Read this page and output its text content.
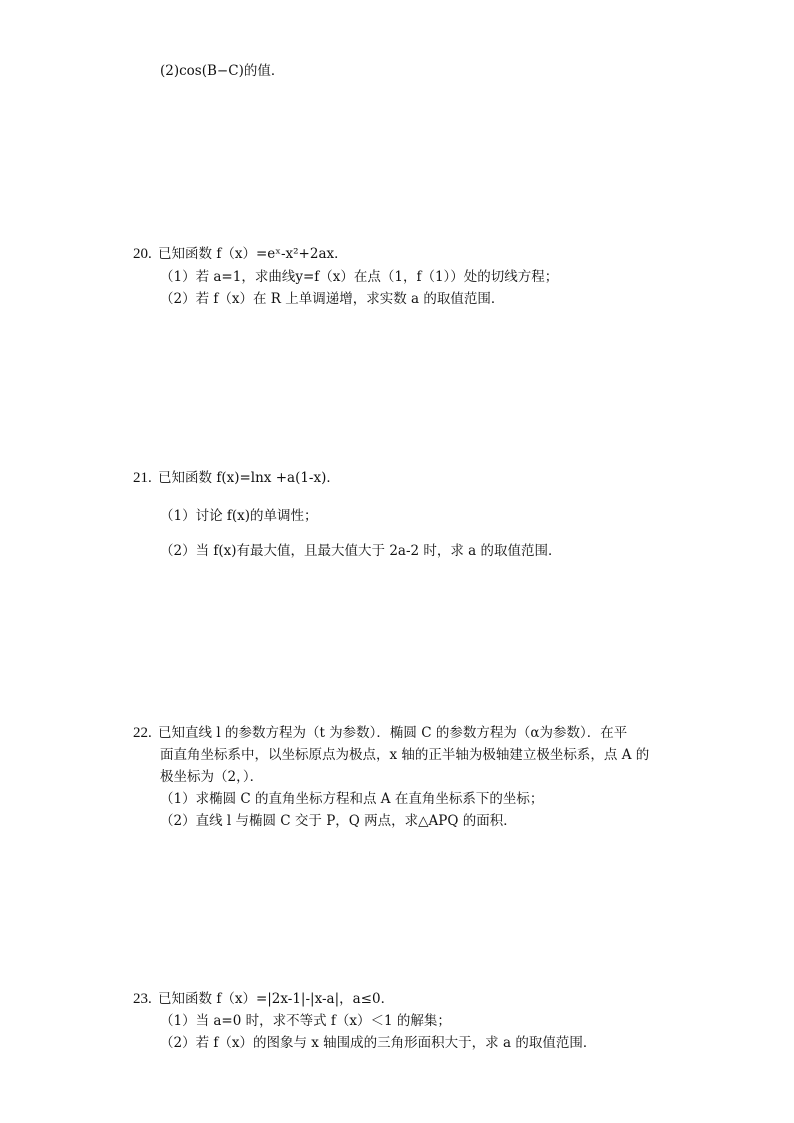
(2)cos(B−C)的值．
20. 已知函数 f（x）=eˣ-x²+2ax．
（1）若 a=1，求曲线y=f（x）在点（1，f（1））处的切线方程；
（2）若 f（x）在 R 上单调递增，求实数 a 的取值范围．
21. 已知函数 f(x)=lnx +a(1-x)．
（1）讨论 f(x)的单调性；
（2）当 f(x)有最大值，且最大值大于 2a-2 时，求 a 的取值范围．
22. 已知直线 l 的参数方程为（t 为参数）．椭圆 C 的参数方程为（α为参数）．在平
面直角坐标系中，以坐标原点为极点，x 轴的正半轴为极轴建立极坐标系，点 A 的
极坐标为（2，）．
（1）求椭圆 C 的直角坐标方程和点 A 在直角坐标系下的坐标；
（2）直线 l 与椭圆 C 交于 P，Q 两点，求△APQ 的面积．
23. 已知函数 f（x）=|2x-1|-|x-a|，a≤0．
（1）当 a=0 时，求不等式 f（x）＜1 的解集；
（2）若 f（x）的图象与 x 轴围成的三角形面积大于，求 a 的取值范围．
